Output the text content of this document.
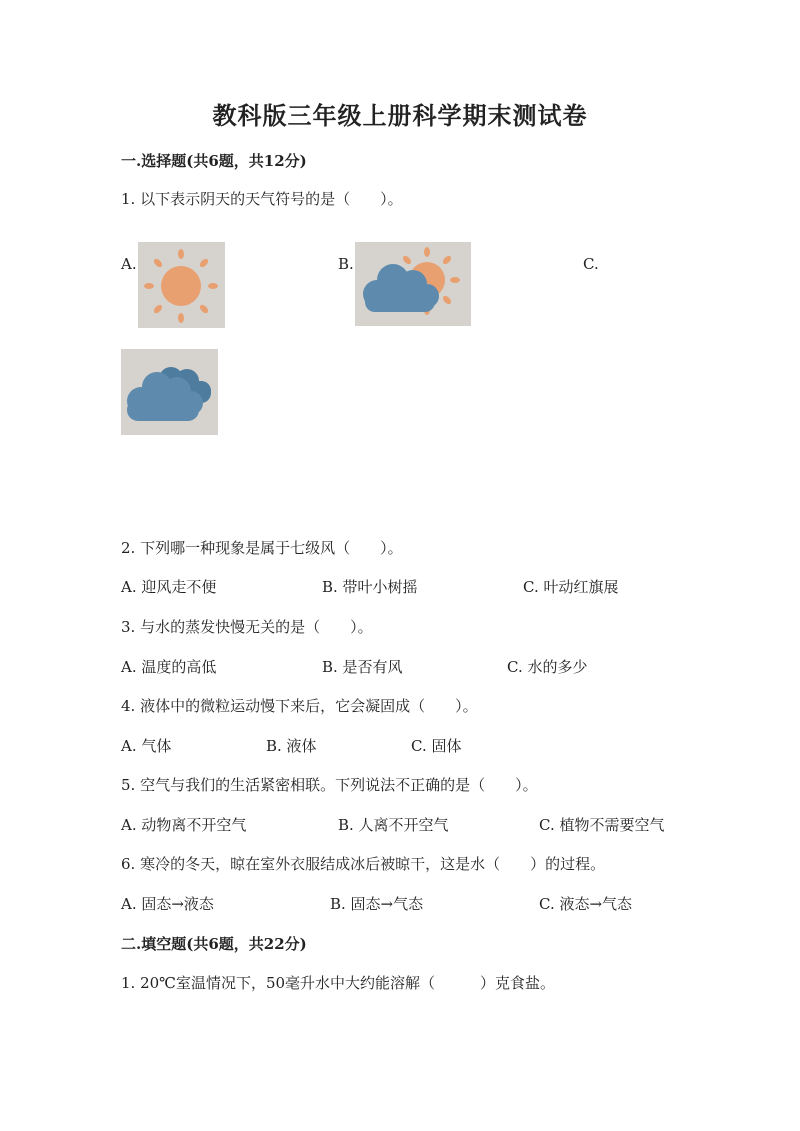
教科版三年级上册科学期末测试卷
一.选择题(共6题，共12分)
1. 以下表示阴天的天气符号的是（　　）。
A.	B.	C.
2. 下列哪一种现象是属于七级风（　　）。
A. 迎风走不便	B. 带叶小树摇	C. 叶动红旗展
3. 与水的蒸发快慢无关的是（　　）。
A. 温度的高低	B. 是否有风	C. 水的多少
4. 液体中的微粒运动慢下来后，它会凝固成（　　）。
A. 气体	B. 液体	C. 固体
5. 空气与我们的生活紧密相联。下列说法不正确的是（　　）。
A. 动物离不开空气	B. 人离不开空气	C. 植物不需要空气
6. 寒冷的冬天，晾在室外衣服结成冰后被晾干，这是水（　　）的过程。
A. 固态→液态	B. 固态→气态	C. 液态→气态
二.填空题(共6题，共22分)
1. 20℃室温情况下，50毫升水中大约能溶解（　　　）克食盐。
